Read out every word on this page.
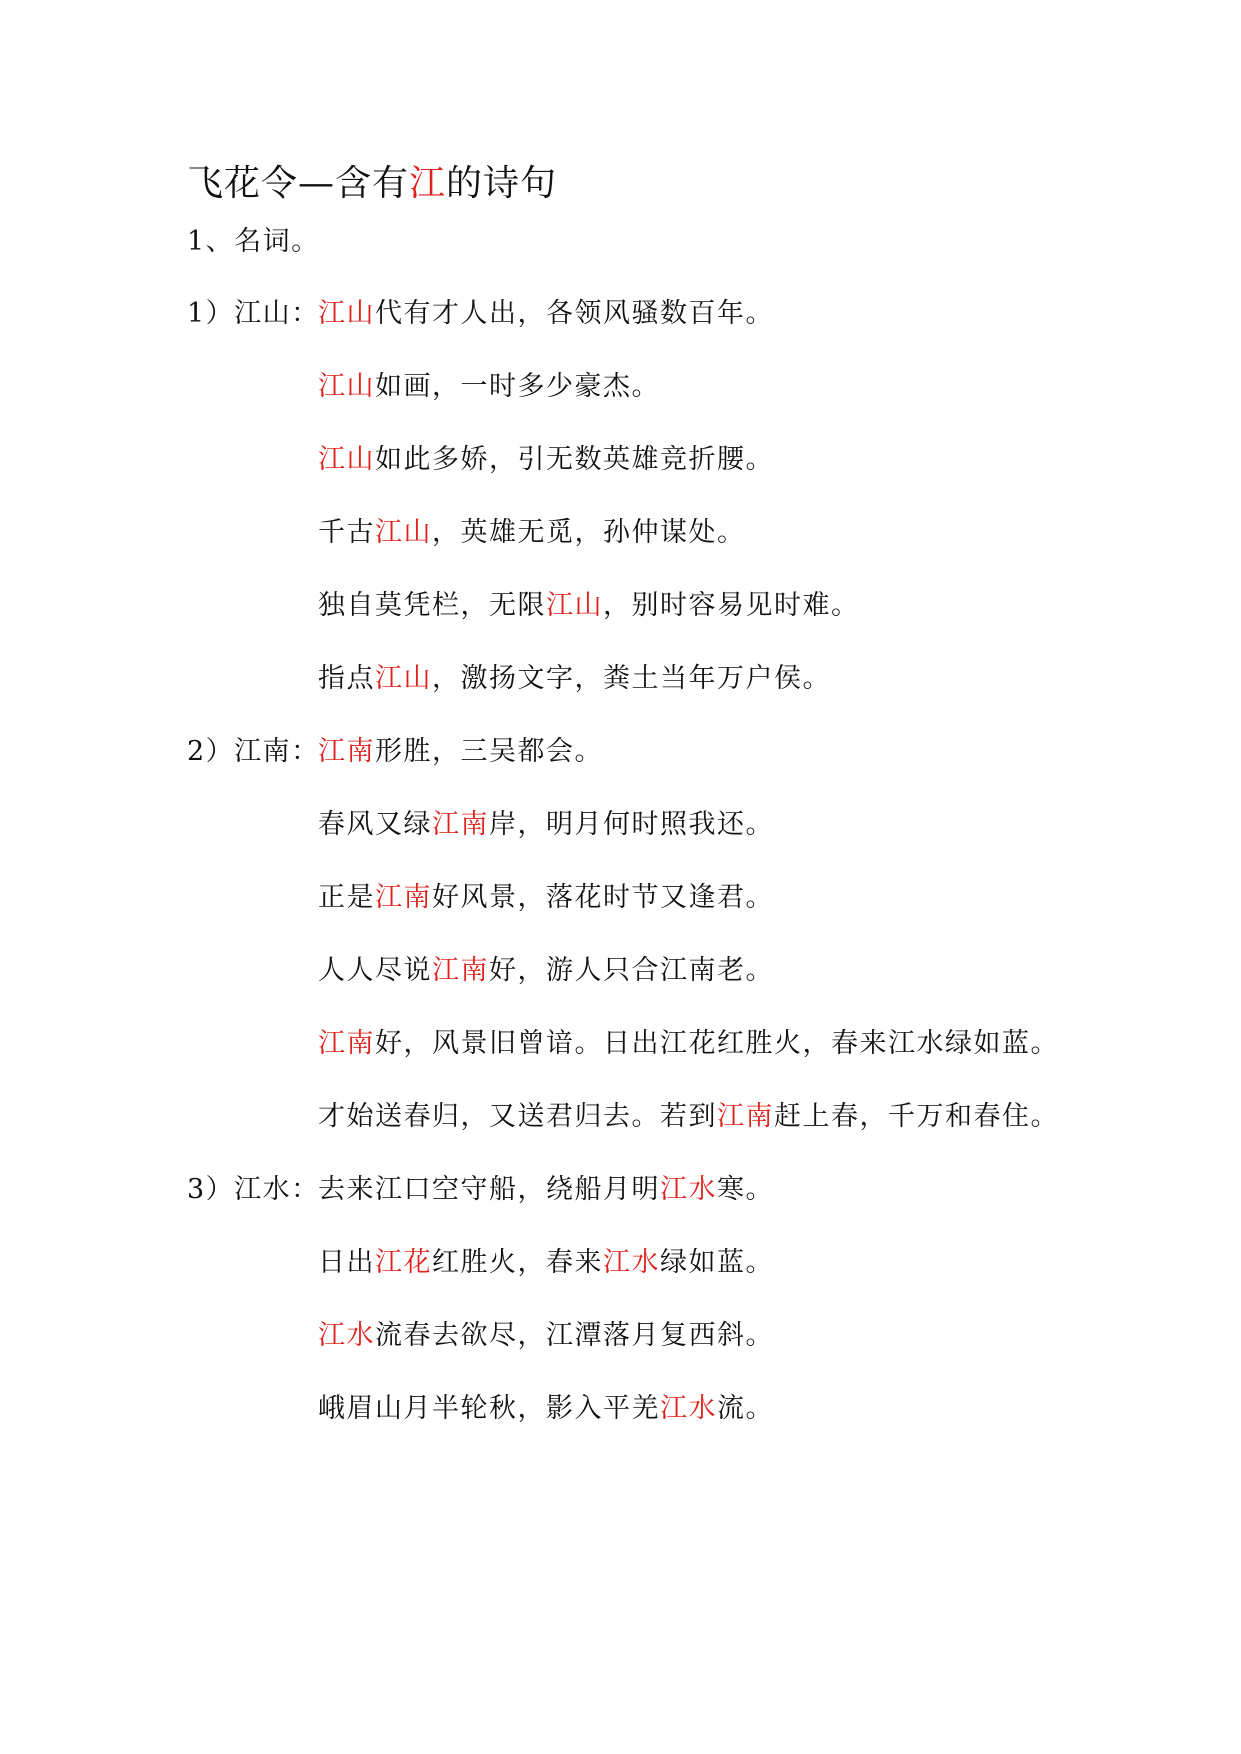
飞花令—含有江的诗句
1、名词。
1）江山：江山代有才人出，各领风骚数百年。
江山如画，一时多少豪杰。
江山如此多娇，引无数英雄竞折腰。
千古江山，英雄无觅，孙仲谋处。
独自莫凭栏，无限江山，别时容易见时难。
指点江山，激扬文字，粪土当年万户侯。
2）江南：江南形胜，三吴都会。
春风又绿江南岸，明月何时照我还。
正是江南好风景，落花时节又逢君。
人人尽说江南好，游人只合江南老。
江南好，风景旧曾谙。日出江花红胜火，春来江水绿如蓝。
才始送春归，又送君归去。若到江南赶上春，千万和春住。
3）江水：去来江口空守船，绕船月明江水寒。
日出江花红胜火，春来江水绿如蓝。
江水流春去欲尽，江潭落月复西斜。
峨眉山月半轮秋，影入平羌江水流。
